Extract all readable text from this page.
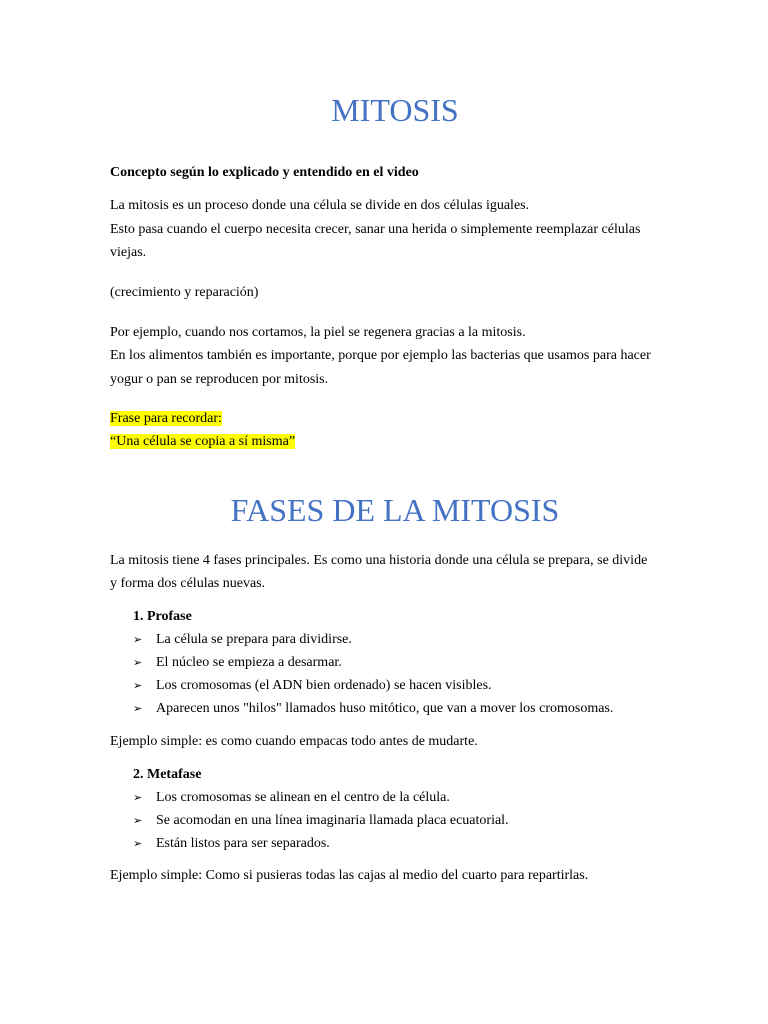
MITOSIS

Concepto según lo explicado y entendido en el video

La mitosis es un proceso donde una célula se divide en dos células iguales.

Esto pasa cuando el cuerpo necesita crecer, sanar una herida o simplemente reemplazar células

viejas.

(crecimiento y reparación)

Por ejemplo, cuando nos cortamos, la piel se regenera gracias a la mitosis.

En los alimentos también es importante, porque por ejemplo las bacterias que usamos para hacer

yogur o pan se reproducen por mitosis.

Frase para recordar:

“Una célula se copia a sí misma”

FASES DE LA MITOSIS

La mitosis tiene 4 fases principales. Es como una historia donde una célula se prepara, se divide

y forma dos células nuevas.

1. Profase

➢ La célula se prepara para dividirse.

➢ El núcleo se empieza a desarmar.

➢ Los cromosomas (el ADN bien ordenado) se hacen visibles.

➢ Aparecen unos "hilos" llamados huso mitótico, que van a mover los cromosomas.

Ejemplo simple: es como cuando empacas todo antes de mudarte.

2. Metafase

➢ Los cromosomas se alinean en el centro de la célula.

➢ Se acomodan en una línea imaginaria llamada placa ecuatorial.

➢ Están listos para ser separados.

Ejemplo simple: Como si pusieras todas las cajas al medio del cuarto para repartirlas.
